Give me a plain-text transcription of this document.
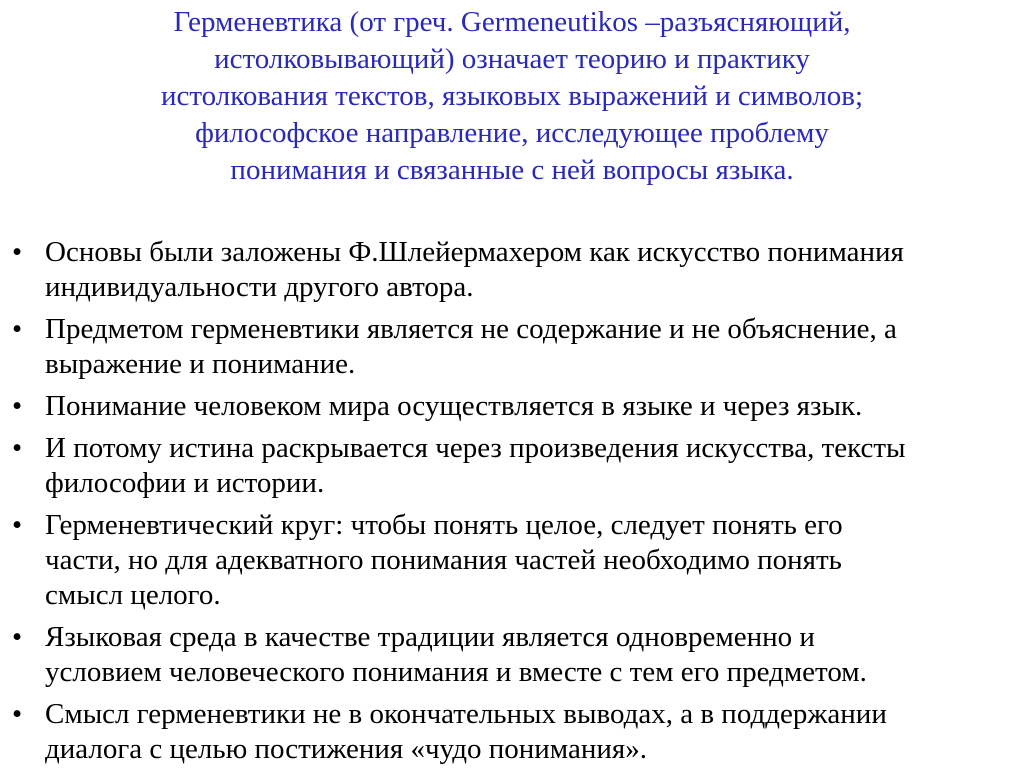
Герменевтика (от греч. Germeneutikos –разъясняющий,
истолковывающий) означает теорию и практику
истолкования текстов, языковых выражений и символов;
философское направление, исследующее проблему
понимания и связанные с ней вопросы языка.
• Основы были заложены Ф.Шлейермахером как искусство понимания
индивидуальности другого автора.
• Предметом герменевтики является не содержание и не объяснение, а
выражение и понимание.
• Понимание человеком мира осуществляется в языке и через язык.
• И потому истина раскрывается через произведения искусства, тексты
философии и истории.
• Герменевтический круг: чтобы понять целое, следует понять его
части, но для адекватного понимания частей необходимо понять
смысл целого.
• Языковая среда в качестве традиции является одновременно и
условием человеческого понимания и вместе с тем его предметом.
• Смысл герменевтики не в окончательных выводах, а в поддержании
диалога с целью постижения «чудо понимания».
